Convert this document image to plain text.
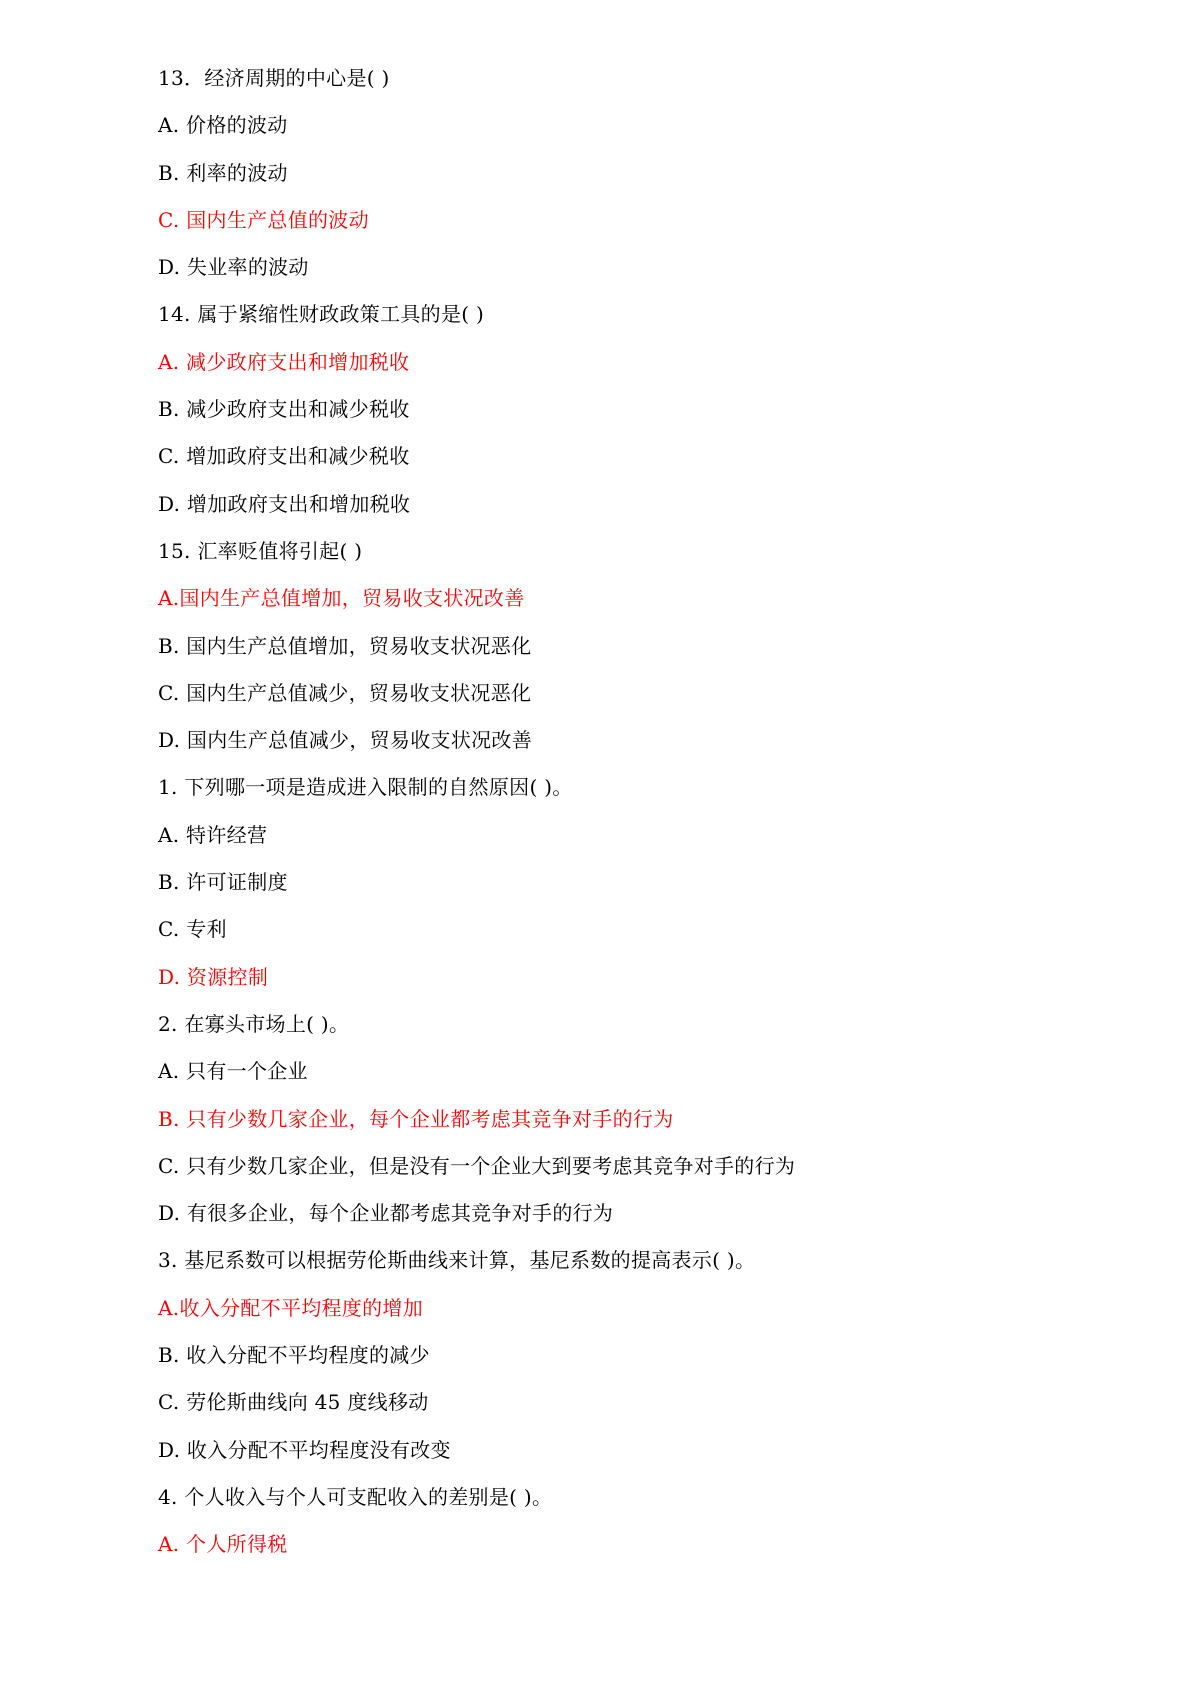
13．经济周期的中心是( )
A. 价格的波动
B. 利率的波动
C. 国内生产总值的波动
D. 失业率的波动
14. 属于紧缩性财政政策工具的是( )
A. 减少政府支出和增加税收
B. 减少政府支出和减少税收
C. 增加政府支出和减少税收
D. 增加政府支出和增加税收
15. 汇率贬值将引起( )
A.国内生产总值增加，贸易收支状况改善
B. 国内生产总值增加，贸易收支状况恶化
C. 国内生产总值减少，贸易收支状况恶化
D. 国内生产总值减少，贸易收支状况改善
1. 下列哪一项是造成进入限制的自然原因( )。
A. 特许经营
B. 许可证制度
C. 专利
D. 资源控制
2. 在寡头市场上( )。
A. 只有一个企业
B. 只有少数几家企业，每个企业都考虑其竞争对手的行为
C. 只有少数几家企业，但是没有一个企业大到要考虑其竞争对手的行为
D. 有很多企业，每个企业都考虑其竞争对手的行为
3. 基尼系数可以根据劳伦斯曲线来计算，基尼系数的提高表示( )。
A.收入分配不平均程度的增加
B. 收入分配不平均程度的减少
C. 劳伦斯曲线向 45 度线移动
D. 收入分配不平均程度没有改变
4. 个人收入与个人可支配收入的差别是( )。
A. 个人所得税
